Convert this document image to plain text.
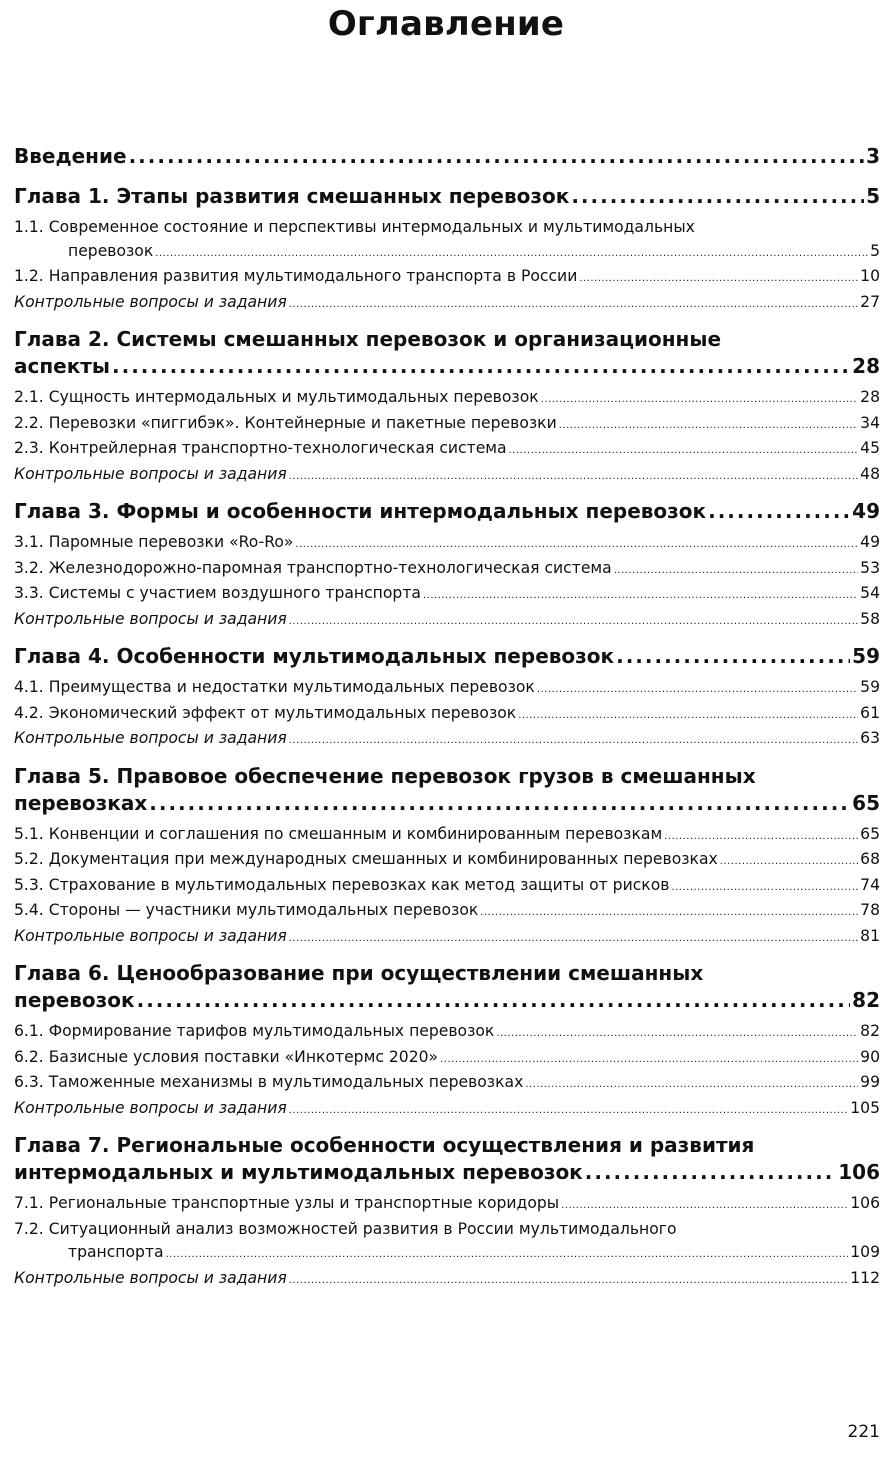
Оглавление
Введение .....	3
Глава 1. Этапы развития смешанных перевозок .....	5
1.1. Современное состояние и перспективы интермодальных и мультимодальных
перевозок .....	5
1.2. Направления развития мультимодального транспорта в России .....	10
Контрольные вопросы и задания .....	27
Глава 2. Системы смешанных перевозок и организационные
аспекты .....	28
2.1. Сущность интермодальных и мультимодальных перевозок .....	28
2.2. Перевозки «пиггибэк». Контейнерные и пакетные перевозки .....	34
2.3. Контрейлерная транспортно-технологическая система .....	45
Контрольные вопросы и задания .....	48
Глава 3. Формы и особенности интермодальных перевозок .....	49
3.1. Паромные перевозки «Ro-Ro» .....	49
3.2. Железнодорожно-паромная транспортно-технологическая система .....	53
3.3. Системы с участием воздушного транспорта .....	54
Контрольные вопросы и задания .....	58
Глава 4. Особенности мультимодальных перевозок .....	59
4.1. Преимущества и недостатки мультимодальных перевозок .....	59
4.2. Экономический эффект от мультимодальных перевозок .....	61
Контрольные вопросы и задания .....	63
Глава 5. Правовое обеспечение перевозок грузов в смешанных
перевозках .....	65
5.1. Конвенции и соглашения по смешанным и комбинированным перевозкам .....	65
5.2. Документация при международных смешанных и комбинированных перевозках .....	68
5.3. Страхование в мультимодальных перевозках как метод защиты от рисков .....	74
5.4. Стороны — участники мультимодальных перевозок .....	78
Контрольные вопросы и задания .....	81
Глава 6. Ценообразование при осуществлении смешанных
перевозок .....	82
6.1. Формирование тарифов мультимодальных перевозок .....	82
6.2. Базисные условия поставки «Инкотермс 2020» .....	90
6.3. Таможенные механизмы в мультимодальных перевозках .....	99
Контрольные вопросы и задания .....	105
Глава 7. Региональные особенности осуществления и развития
интермодальных и мультимодальных перевозок .....	106
7.1. Региональные транспортные узлы и транспортные коридоры .....	106
7.2. Ситуационный анализ возможностей развития в России мультимодального
транспорта .....	109
Контрольные вопросы и задания .....	112
221
